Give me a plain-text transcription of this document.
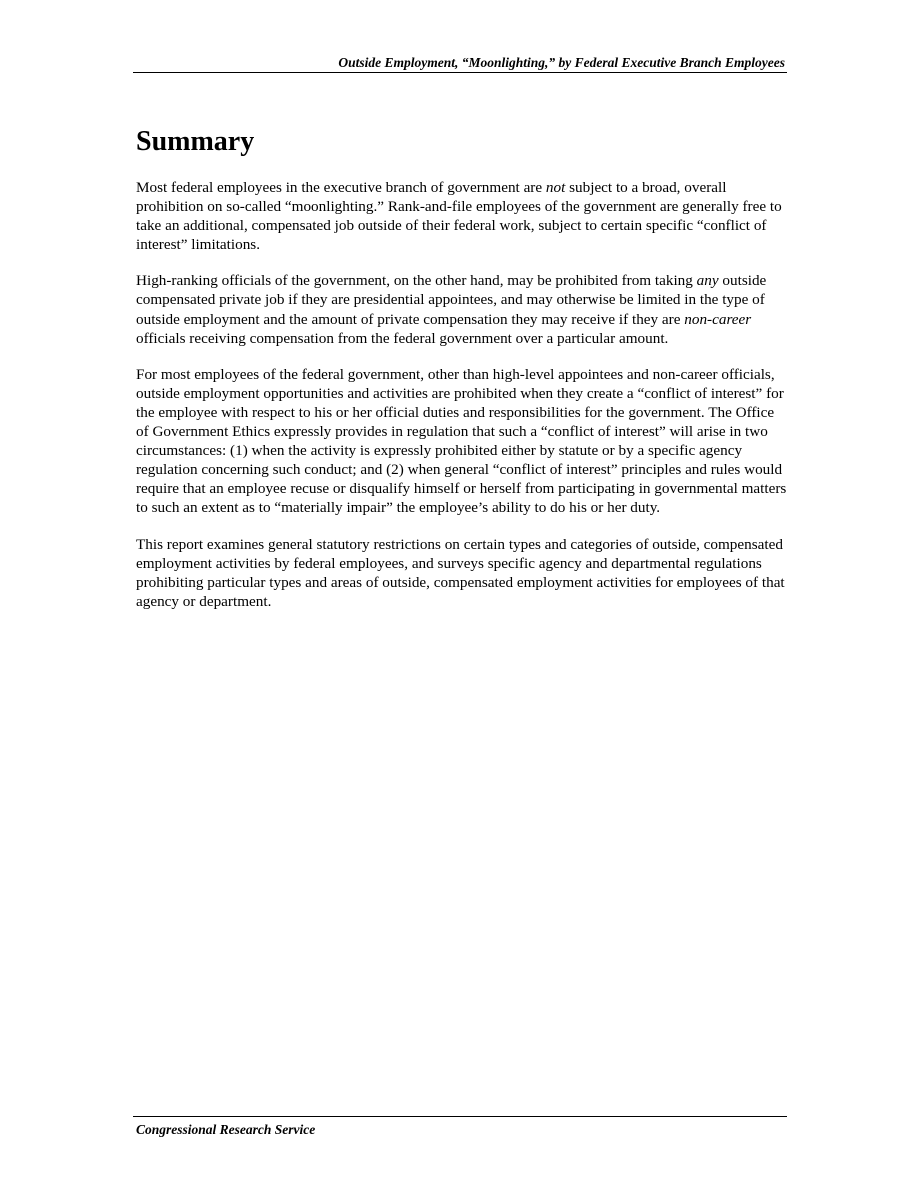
Outside Employment, “Moonlighting,” by Federal Executive Branch Employees
Summary

Most federal employees in the executive branch of government are not subject to a broad, overall prohibition on so-called “moonlighting.” Rank-and-file employees of the government are generally free to take an additional, compensated job outside of their federal work, subject to certain specific “conflict of interest” limitations.

High-ranking officials of the government, on the other hand, may be prohibited from taking any outside compensated private job if they are presidential appointees, and may otherwise be limited in the type of outside employment and the amount of private compensation they may receive if they are non-career officials receiving compensation from the federal government over a particular amount.

For most employees of the federal government, other than high-level appointees and non-career officials, outside employment opportunities and activities are prohibited when they create a “conflict of interest” for the employee with respect to his or her official duties and responsibilities for the government. The Office of Government Ethics expressly provides in regulation that such a “conflict of interest” will arise in two circumstances: (1) when the activity is expressly prohibited either by statute or by a specific agency regulation concerning such conduct; and (2) when general “conflict of interest” principles and rules would require that an employee recuse or disqualify himself or herself from participating in governmental matters to such an extent as to “materially impair” the employee’s ability to do his or her duty.

This report examines general statutory restrictions on certain types and categories of outside, compensated employment activities by federal employees, and surveys specific agency and departmental regulations prohibiting particular types and areas of outside, compensated employment activities for employees of that agency or department.

Congressional Research Service
